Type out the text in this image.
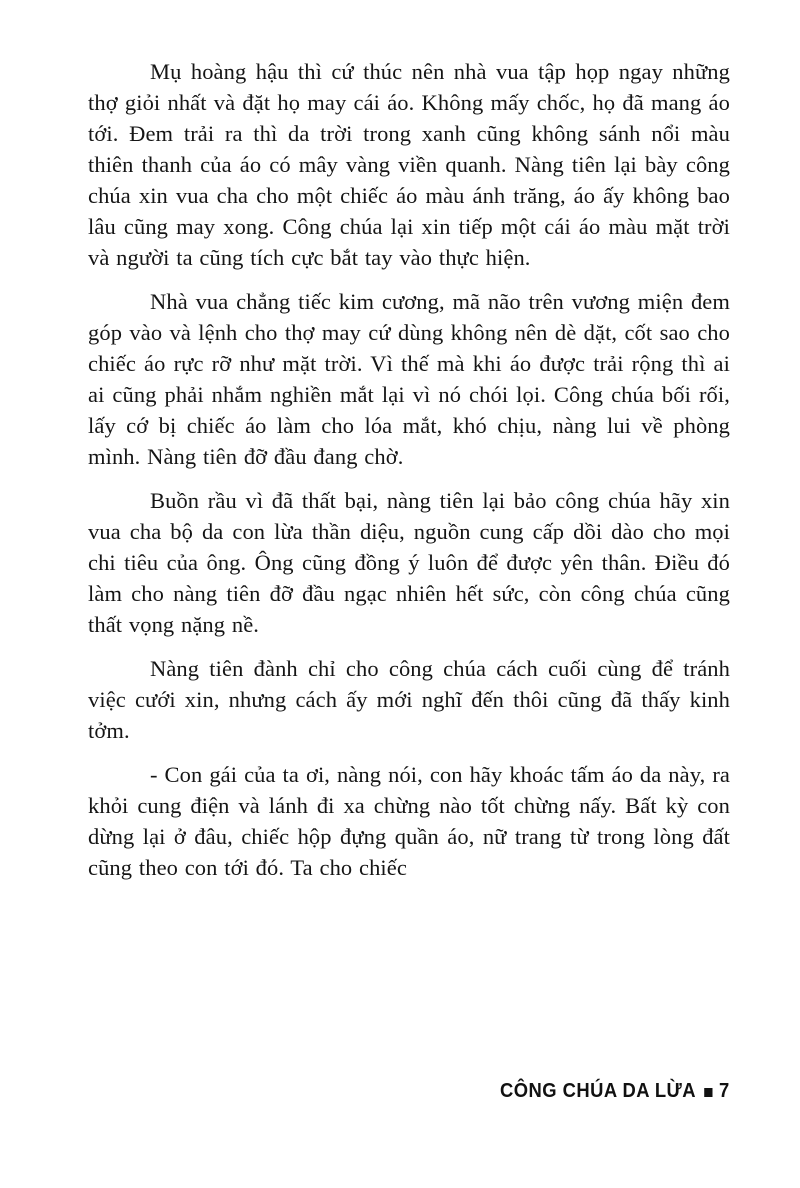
Mụ hoàng hậu thì cứ thúc nên nhà vua tập họp ngay những thợ giỏi nhất và đặt họ may cái áo. Không mấy chốc, họ đã mang áo tới. Đem trải ra thì da trời trong xanh cũng không sánh nổi màu thiên thanh của áo có mây vàng viền quanh. Nàng tiên lại bày công chúa xin vua cha cho một chiếc áo màu ánh trăng, áo ấy không bao lâu cũng may xong. Công chúa lại xin tiếp một cái áo màu mặt trời và người ta cũng tích cực bắt tay vào thực hiện.

Nhà vua chẳng tiếc kim cương, mã não trên vương miện đem góp vào và lệnh cho thợ may cứ dùng không nên dè dặt, cốt sao cho chiếc áo rực rỡ như mặt trời. Vì thế mà khi áo được trải rộng thì ai ai cũng phải nhắm nghiền mắt lại vì nó chói lọi. Công chúa bối rối, lấy cớ bị chiếc áo làm cho lóa mắt, khó chịu, nàng lui về phòng mình. Nàng tiên đỡ đầu đang chờ.

Buồn rầu vì đã thất bại, nàng tiên lại bảo công chúa hãy xin vua cha bộ da con lừa thần diệu, nguồn cung cấp dồi dào cho mọi chi tiêu của ông. Ông cũng đồng ý luôn để được yên thân. Điều đó làm cho nàng tiên đỡ đầu ngạc nhiên hết sức, còn công chúa cũng thất vọng nặng nề.

Nàng tiên đành chỉ cho công chúa cách cuối cùng để tránh việc cưới xin, nhưng cách ấy mới nghĩ đến thôi cũng đã thấy kinh tởm.

- Con gái của ta ơi, nàng nói, con hãy khoác tấm áo da này, ra khỏi cung điện và lánh đi xa chừng nào tốt chừng nấy. Bất kỳ con dừng lại ở đâu, chiếc hộp đựng quần áo, nữ trang từ trong lòng đất cũng theo con tới đó. Ta cho chiếc

CÔNG CHÚA DA LỪA 7
